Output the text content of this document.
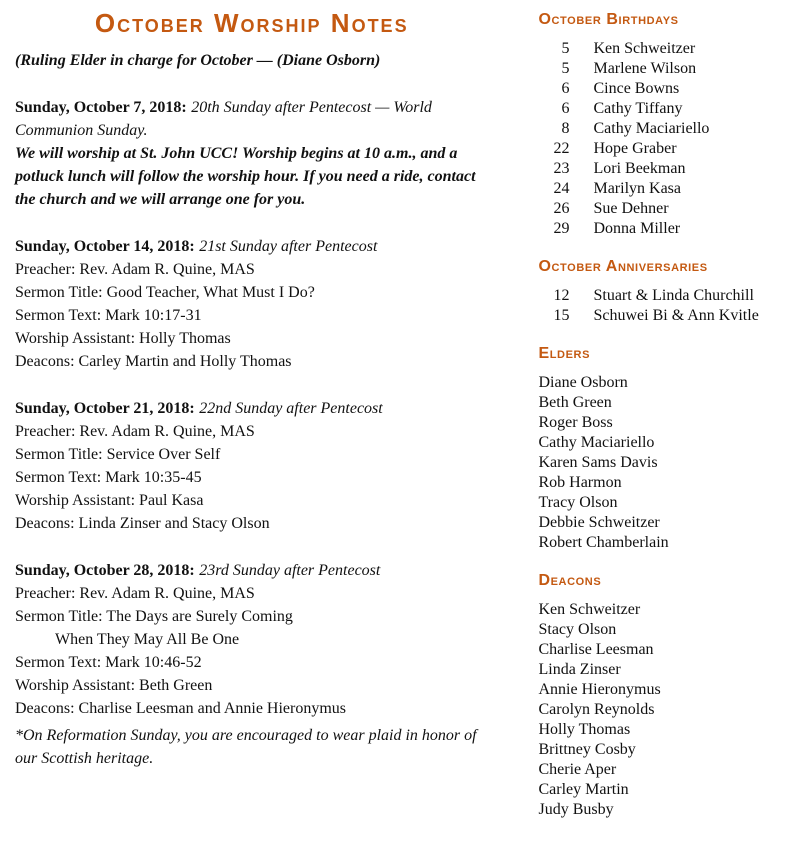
October Worship Notes

(Ruling Elder in charge for October — (Diane Osborn)

Sunday, October 7, 2018: 20th Sunday after Pentecost — World Communion Sunday.

We will worship at St. John UCC! Worship begins at 10 a.m., and a potluck lunch will follow the worship hour. If you need a ride, contact the church and we will arrange one for you.

Sunday, October 14, 2018: 21st Sunday after Pentecost

Preacher: Rev. Adam R. Quine, MAS

Sermon Title: Good Teacher, What Must I Do?

Sermon Text: Mark 10:17-31

Worship Assistant: Holly Thomas

Deacons: Carley Martin and Holly Thomas

Sunday, October 21, 2018: 22nd Sunday after Pentecost

Preacher: Rev. Adam R. Quine, MAS

Sermon Title: Service Over Self

Sermon Text: Mark 10:35-45

Worship Assistant: Paul Kasa

Deacons: Linda Zinser and Stacy Olson

Sunday, October 28, 2018: 23rd Sunday after Pentecost

Preacher: Rev. Adam R. Quine, MAS

Sermon Title: The Days are Surely Coming

When They May All Be One

Sermon Text: Mark 10:46-52

Worship Assistant: Beth Green

Deacons: Charlise Leesman and Annie Hieronymus

*On Reformation Sunday, you are encouraged to wear plaid in honor of our Scottish heritage.

October Birthdays
5 Ken Schweitzer
5 Marlene Wilson
6 Cince Bowns
6 Cathy Tiffany
8 Cathy Maciariello
22 Hope Graber
23 Lori Beekman
24 Marilyn Kasa
26 Sue Dehner
29 Donna Miller
October Anniversaries
12 Stuart & Linda Churchill
15 Schuwei Bi & Ann Kvitle
Elders

Diane Osborn

Beth Green

Roger Boss

Cathy Maciariello

Karen Sams Davis

Rob Harmon

Tracy Olson

Debbie Schweitzer

Robert Chamberlain

Deacons

Ken Schweitzer

Stacy Olson

Charlise Leesman

Linda Zinser

Annie Hieronymus

Carolyn Reynolds

Holly Thomas

Brittney Cosby

Cherie Aper

Carley Martin

Judy Busby
